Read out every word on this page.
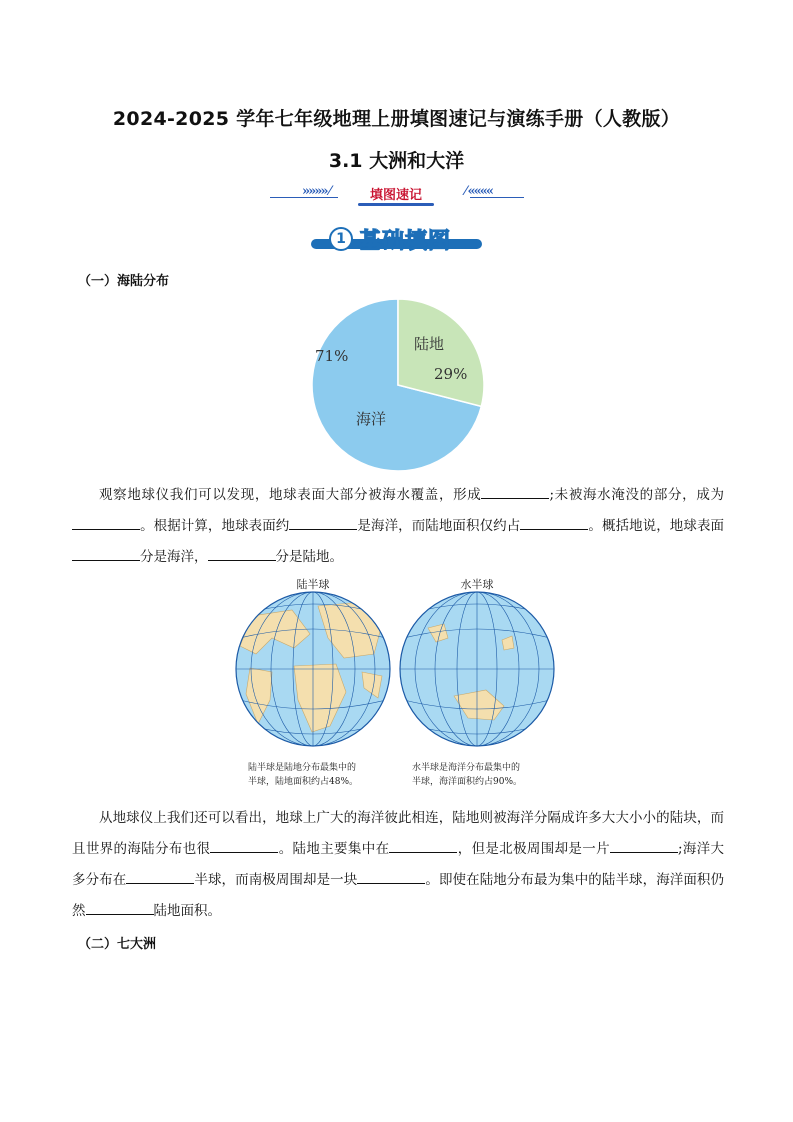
2024-2025 学年七年级地理上册填图速记与演练手册（人教版）
3.1 大洲和大洋
»»»» ⁄	填图速记	⁄ ««««
1 基础填图
（一）海陆分布
陆地
29%
71%
海洋
观察地球仪我们可以发现，地球表面大部分被海水覆盖，形成	;未被海水淹没的部分，成为。根据计算，地球表面约	是海洋，而陆地面积仅约占	。概括地说，地球表面分是海洋，	分是陆地。
陆半球	水半球
陆半球是陆地分布最集中的
半球，陆地面积约占48%。
水半球是海洋分布最集中的
半球，海洋面积约占90%。
从地球仪上我们还可以看出，地球上广大的海洋彼此相连，陆地则被海洋分隔成许多大大小小的陆块，而且世界的海陆分布也很	。陆地主要集中在	，但是北极周围却是一片	;海洋大多分布在	半球，而南极周围却是一块	。即使在陆地分布最为集中的陆半球，海洋面积仍然	陆地面积。
（二）七大洲
